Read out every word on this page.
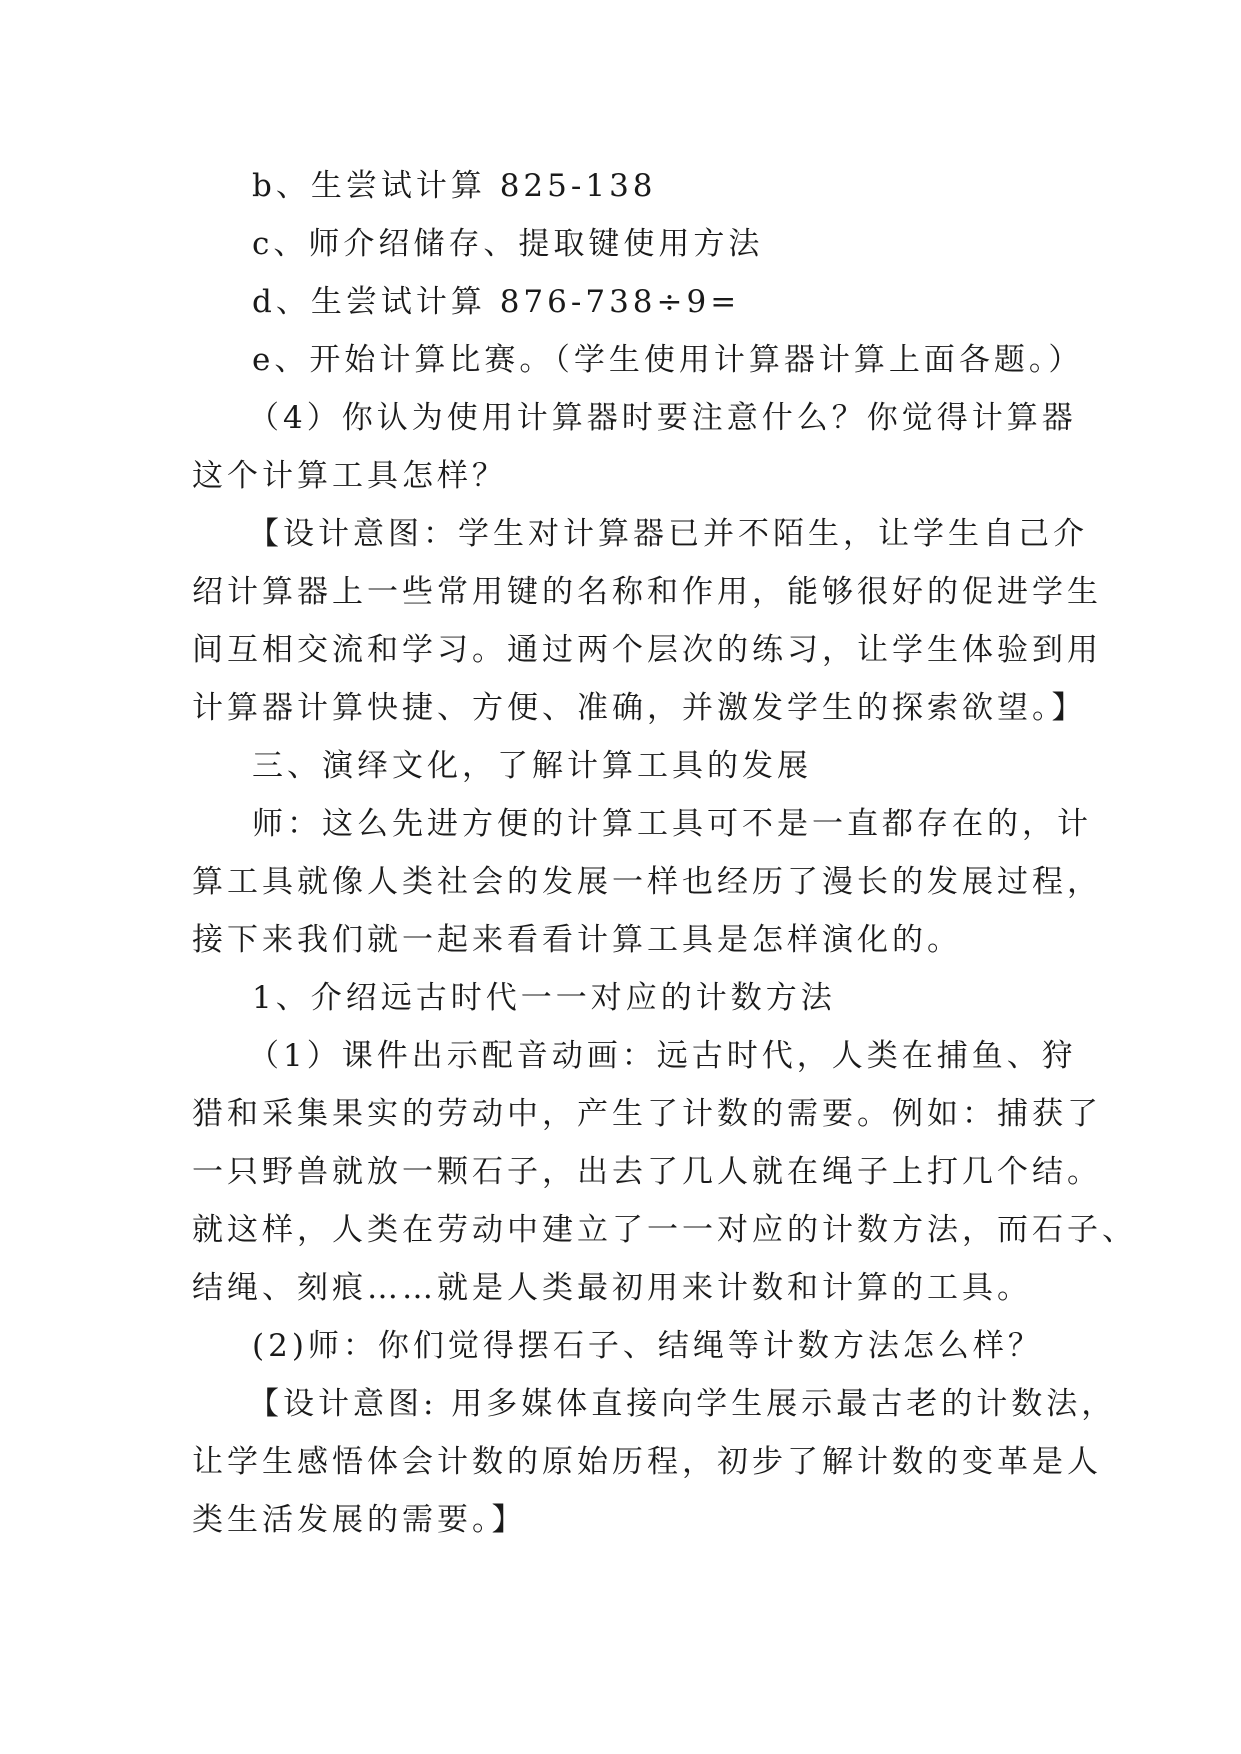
b、生尝试计算 825-138
c、师介绍储存、提取键使用方法
d、生尝试计算 876-738÷9=
e、开始计算比赛。（学生使用计算器计算上面各题。）
（4）你认为使用计算器时要注意什么？你觉得计算器
这个计算工具怎样？
【设计意图：学生对计算器已并不陌生，让学生自己介
绍计算器上一些常用键的名称和作用，能够很好的促进学生
间互相交流和学习。通过两个层次的练习，让学生体验到用
计算器计算快捷、方便、准确，并激发学生的探索欲望。】
三、演绎文化，了解计算工具的发展
师：这么先进方便的计算工具可不是一直都存在的，计
算工具就像人类社会的发展一样也经历了漫长的发展过程，
接下来我们就一起来看看计算工具是怎样演化的。
1、介绍远古时代一一对应的计数方法
（1）课件出示配音动画：远古时代，人类在捕鱼、狩
猎和采集果实的劳动中，产生了计数的需要。例如：捕获了
一只野兽就放一颗石子，出去了几人就在绳子上打几个结。
就这样，人类在劳动中建立了一一对应的计数方法，而石子、
结绳、刻痕……就是人类最初用来计数和计算的工具。
(2)师：你们觉得摆石子、结绳等计数方法怎么样？
【设计意图: 用多媒体直接向学生展示最古老的计数法，
让学生感悟体会计数的原始历程，初步了解计数的变革是人
类生活发展的需要。】
